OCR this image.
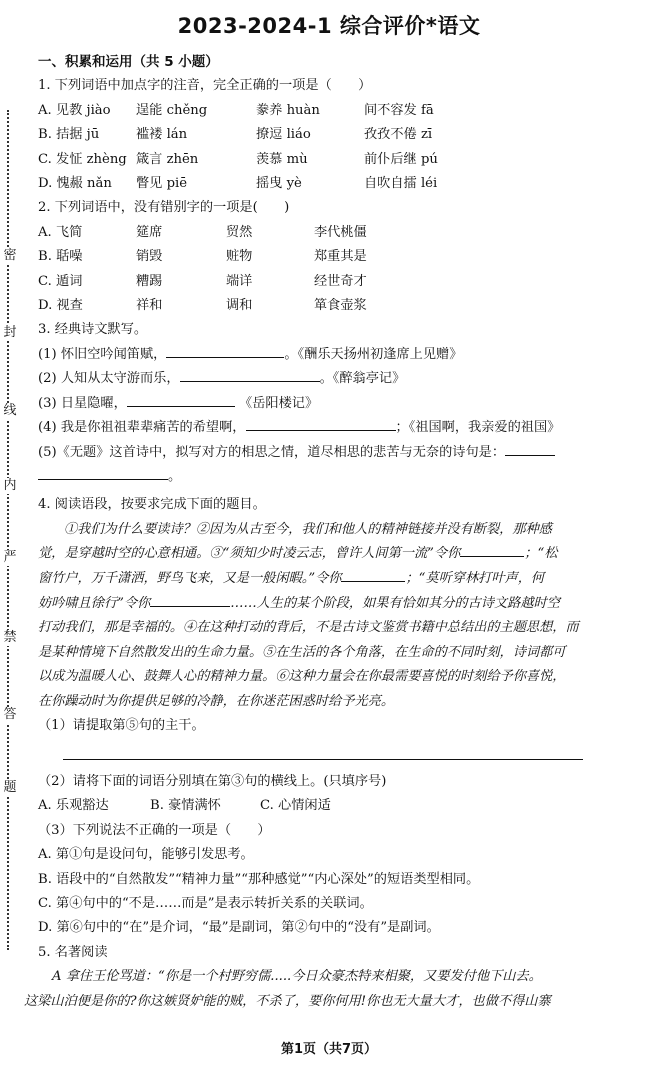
密
封
线
内
严
禁
答
题
2023-2024-1 综合评价*语文
一、积累和运用（共 5 小题）
1. 下列词语中加点字的注音，完全正确的一项是（　　）
A. 见教 jiào	逞能 chěng	豢养 huàn	间不容发 fā
B. 拮据 jū	褴褛 lán	撩逗 liáo	孜孜不倦 zī
C. 发怔 zhèng 箴言 zhēn	羡慕 mù	前仆后继 pú
D. 愧赧 nǎn	瞥见 piē	摇曳 yè	自吹自擂 léi
2. 下列词语中，没有错别字的一项是(　　)
A. 飞简	筵席	贸然	李代桃僵
B. 聒噪	销毁	赃物	郑重其是
C. 遁词	糟踢	端详	经世奇才
D. 视查	祥和	调和	箪食壶浆
3. 经典诗文默写。
(1) 怀旧空吟闻笛赋，	。《酬乐天扬州初逢席上见赠》
(2) 人知从太守游而乐，	。《醉翁亭记》
(3) 日星隐曜，	《岳阳楼记》
(4) 我是你祖祖辈辈痛苦的希望啊，	；《祖国啊，我亲爱的祖国》
(5)《无题》这首诗中，拟写对方的相思之情，道尽相思的悲苦与无奈的诗句是：
。
4. 阅读语段，按要求完成下面的题目。

①我们为什么要读诗？②因为从古至今，我们和他人的精神链接并没有断裂，那种感

觉，是穿越时空的心意相通。③“须知少时凌云志，曾许人间第一流”令你	；“松

窗竹户，万千潇洒，野鸟飞来，又是一般闲暇。”令你	；“莫听穿林打叶声，何

妨吟啸且徐行”令你	……人生的某个阶段，如果有恰如其分的古诗文路越时空

打动我们，那是幸福的。④在这种打动的背后，不是古诗文鉴赏书籍中总结出的主题思想，而

是某种情境下自然散发出的生命力量。⑤在生活的各个角落，在生命的不同时刻，诗词都可

以成为温暖人心、鼓舞人心的精神力量。⑥这种力量会在你最需要喜悦的时刻给予你喜悦，

在你躁动时为你提供足够的冷静，在你迷茫困惑时给予光亮。

（1）请提取第⑤句的主干。
（2）请将下面的词语分别填在第③句的横线上。(只填序号)
A. 乐观豁达	B. 豪情满怀	C. 心情闲适
（3）下列说法不正确的一项是（　　）
A. 第①句是设问句，能够引发思考。
B. 语段中的“自然散发”“精神力量”“那种感觉”“内心深处”的短语类型相同。
C. 第④句中的“不是……而是”是表示转折关系的关联词。
D. 第⑥句中的“在”是介词，“最”是副词，第②句中的“没有”是副词。
5. 名著阅读
A 拿住王伦骂道：“你是一个村野穷儒.....今日众豪杰特来相聚，又要发付他下山去。
这梁山泊便是你的?你这嫉贤妒能的贼，不杀了，要你何用!你也无大量大才，也做不得山寨
第1页（共7页）
